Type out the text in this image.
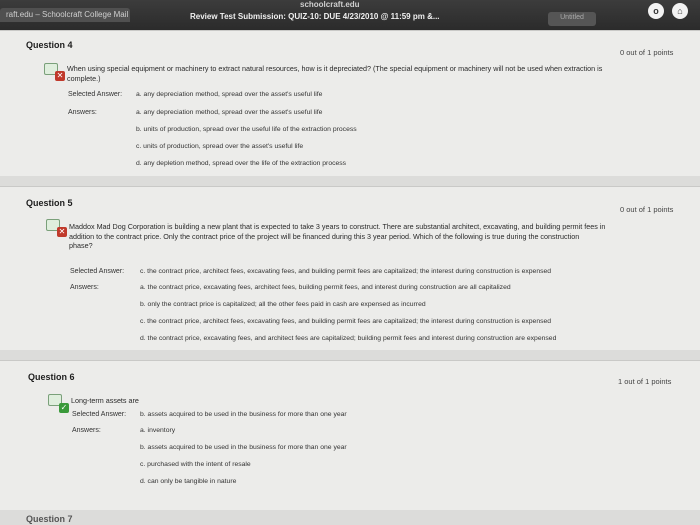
schoolcraft.edu
raft.edu – Schoolcraft College Mail	Review Test Submission: QUIZ-10: DUE 4/23/2010 @ 11:59 pm &...	Untitled
o	⌂
Question 4
0 out of 1 points
✕
When using special equipment or machinery to extract natural resources, how is it depreciated? (The special equipment or machinery will not be used when extraction is
complete.)
Selected Answer: a. any depreciation method, spread over the asset's useful life
Answers:	a. any depreciation method, spread over the asset's useful life
b. units of production, spread over the useful life of the extraction process
c. units of production, spread over the asset's useful life
d. any depletion method, spread over the life of the extraction process
Question 5
0 out of 1 points
✕
Maddox Mad Dog Corporation is building a new plant that is expected to take 3 years to construct. There are substantial architect, excavating, and building permit fees in
addition to the contract price. Only the contract price of the project will be financed during this 3 year period. Which of the following is true during the construction
phase?
Selected Answer: c. the contract price, architect fees, excavating fees, and building permit fees are capitalized; the interest during construction is expensed
Answers:	a. the contract price, excavating fees, architect fees, building permit fees, and interest during construction are all capitalized
b. only the contract price is capitalized; all the other fees paid in cash are expensed as incurred
c. the contract price, architect fees, excavating fees, and building permit fees are capitalized; the interest during construction is expensed
d. the contract price, excavating fees, and architect fees are capitalized; building permit fees and interest during construction are expensed
Question 6	1 out of 1 points
✓
Long-term assets are
Selected Answer: b. assets acquired to be used in the business for more than one year
Answers:	a. inventory
b. assets acquired to be used in the business for more than one year
c. purchased with the intent of resale
d. can only be tangible in nature
Question 7
